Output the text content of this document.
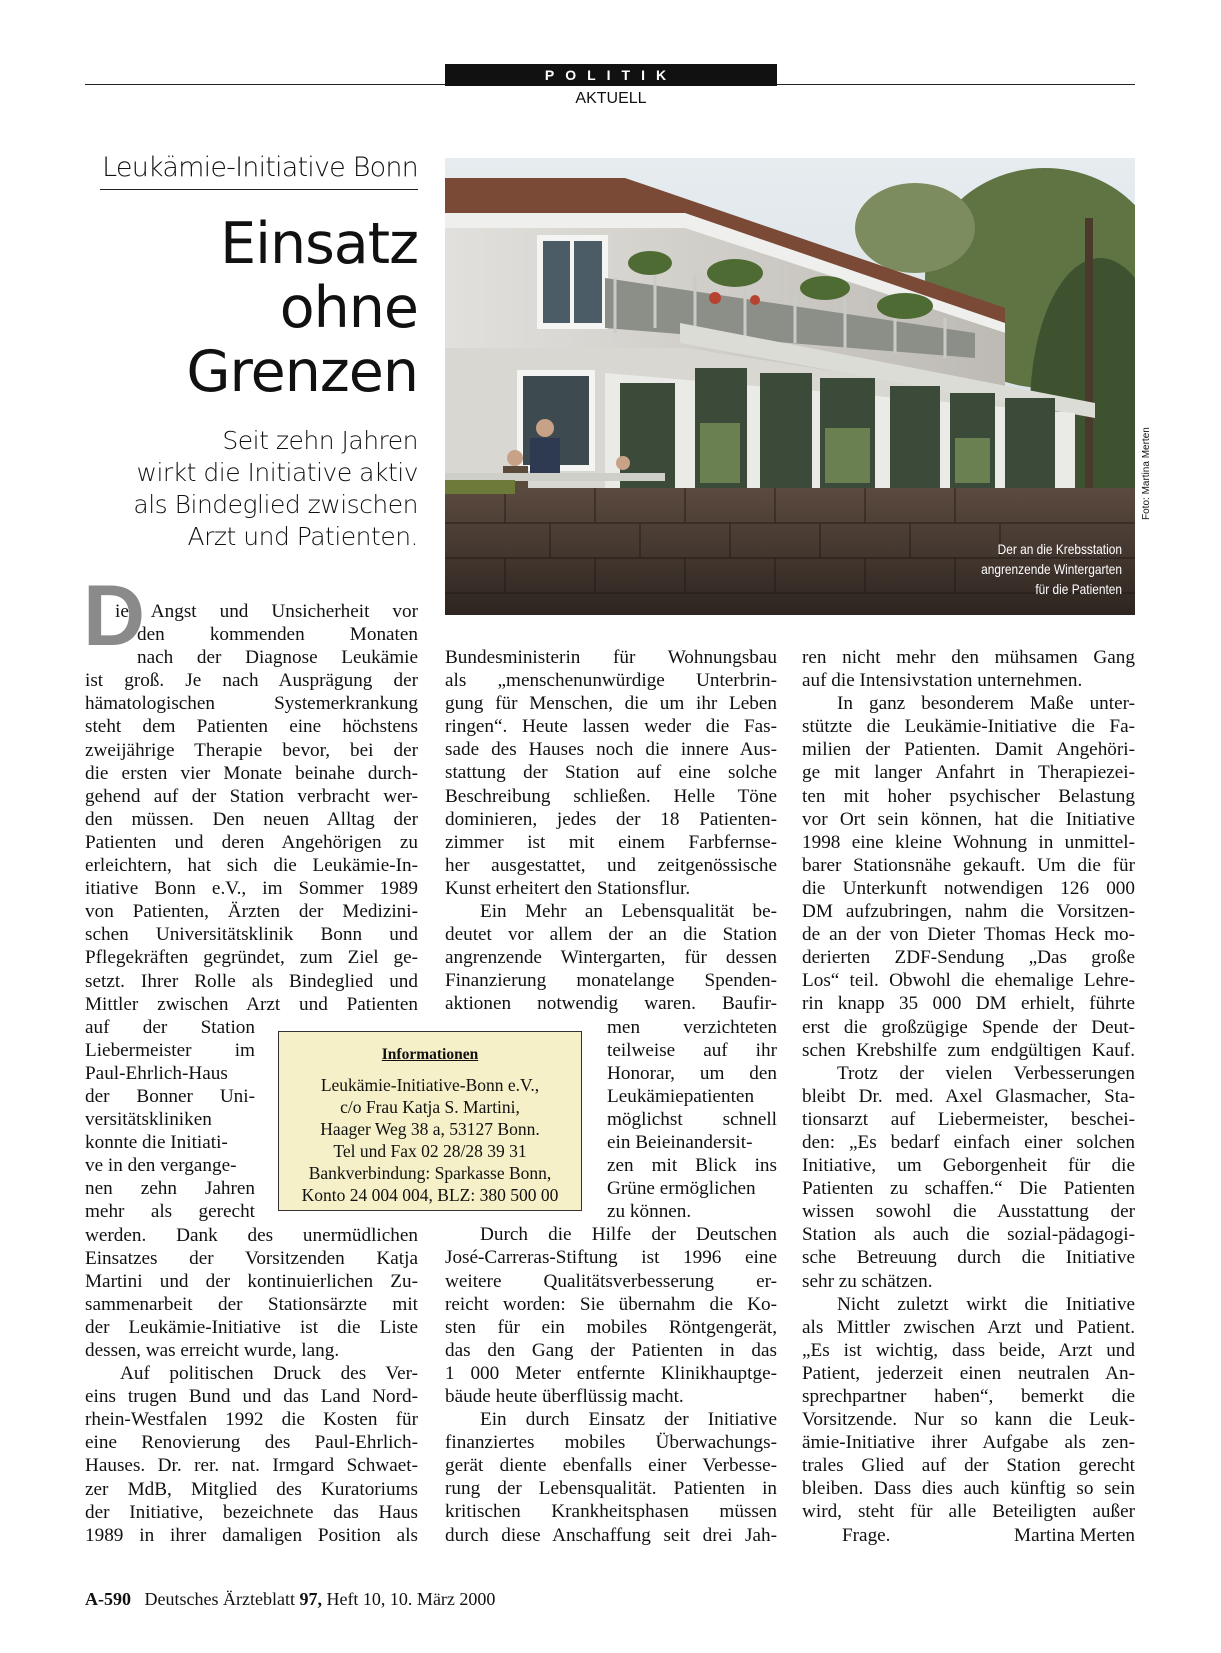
POLITIK
AKTUELL
Leukämie-Initiative Bonn
Einsatz
ohne
Grenzen
Seit zehn Jahren
wirkt die Initiative aktiv
als Bindeglied zwischen
Arzt und Patienten.	Der an die Krebsstation
angrenzende Wintergarten
für die Patienten
Foto: Martina Merten
D
ie Angst und Unsicherheit vor
den kommenden Monaten
nach der Diagnose Leukämie
ist groß. Je nach Ausprägung der
hämatologischen Systemerkrankung
steht dem Patienten eine höchstens
zweijährige Therapie bevor, bei der
die ersten vier Monate beinahe durch-
gehend auf der Station verbracht wer-
den müssen. Den neuen Alltag der
Patienten und deren Angehörigen zu
erleichtern, hat sich die Leukämie-In-
itiative Bonn e.V., im Sommer 1989
von Patienten, Ärzten der Medizini-
schen Universitätsklinik Bonn und
Pflegekräften gegründet, zum Ziel ge-
setzt. Ihrer Rolle als Bindeglied und
Mittler zwischen Arzt und Patienten
auf der Station
Liebermeister im
Paul-Ehrlich-Haus
der Bonner Uni-
versitätskliniken
konnte die Initiati-
ve in den vergange-
nen zehn Jahren
mehr als gerecht
werden. Dank des unermüdlichen
Einsatzes der Vorsitzenden Katja
Martini und der kontinuierlichen Zu-
sammenarbeit der Stationsärzte mit
der Leukämie-Initiative ist die Liste
dessen, was erreicht wurde, lang.
Auf politischen Druck des Ver-
eins trugen Bund und das Land Nord-
rhein-Westfalen 1992 die Kosten für
eine Renovierung des Paul-Ehrlich-
Hauses. Dr. rer. nat. Irmgard Schwaet-
zer MdB, Mitglied des Kuratoriums
der Initiative, bezeichnete das Haus
1989 in ihrer damaligen Position als
Bundesministerin für Wohnungsbau
als „menschenunwürdige Unterbrin-
gung für Menschen, die um ihr Leben
ringen“. Heute lassen weder die Fas-
sade des Hauses noch die innere Aus-
stattung der Station auf eine solche
Beschreibung schließen. Helle Töne
dominieren, jedes der 18 Patienten-
zimmer ist mit einem Farbfernse-
her ausgestattet, und zeitgenössische
Kunst erheitert den Stationsflur.
Ein Mehr an Lebensqualität be-
deutet vor allem der an die Station
angrenzende Wintergarten, für dessen
Finanzierung monatelange Spenden-
aktionen notwendig waren. Baufir-
men verzichteten
teilweise auf ihr
Honorar, um den
Leukämiepatienten
möglichst schnell
ein Beieinandersit-
zen mit Blick ins
Grüne ermöglichen
zu können.
Durch die Hilfe der Deutschen
José-Carreras-Stiftung ist 1996 eine
weitere Qualitätsverbesserung er-
reicht worden: Sie übernahm die Ko-
sten für ein mobiles Röntgengerät,
das den Gang der Patienten in das
1 000 Meter entfernte Klinikhauptge-
bäude heute überflüssig macht.
Ein durch Einsatz der Initiative
finanziertes mobiles Überwachungs-
gerät diente ebenfalls einer Verbesse-
rung der Lebensqualität. Patienten in
kritischen Krankheitsphasen müssen
durch diese Anschaffung seit drei Jah-
ren nicht mehr den mühsamen Gang
auf die Intensivstation unternehmen.
In ganz besonderem Maße unter-
stützte die Leukämie-Initiative die Fa-
milien der Patienten. Damit Angehöri-
ge mit langer Anfahrt in Therapiezei-
ten mit hoher psychischer Belastung
vor Ort sein können, hat die Initiative
1998 eine kleine Wohnung in unmittel-
barer Stationsnähe gekauft. Um die für
die Unterkunft notwendigen 126 000
DM aufzubringen, nahm die Vorsitzen-
de an der von Dieter Thomas Heck mo-
derierten ZDF-Sendung „Das große
Los“ teil. Obwohl die ehemalige Lehre-
rin knapp 35 000 DM erhielt, führte
erst die großzügige Spende der Deut-
schen Krebshilfe zum endgültigen Kauf.
Trotz der vielen Verbesserungen
bleibt Dr. med. Axel Glasmacher, Sta-
tionsarzt auf Liebermeister, beschei-
den: „Es bedarf einfach einer solchen
Initiative, um Geborgenheit für die
Patienten zu schaffen.“ Die Patienten
wissen sowohl die Ausstattung der
Station als auch die sozial-pädagogi-
sche Betreuung durch die Initiative
sehr zu schätzen.
Nicht zuletzt wirkt die Initiative
als Mittler zwischen Arzt und Patient.
„Es ist wichtig, dass beide, Arzt und
Patient, jederzeit einen neutralen An-
sprechpartner haben“, bemerkt die
Vorsitzende. Nur so kann die Leuk-
ämie-Initiative ihrer Aufgabe als zen-
trales Glied auf der Station gerecht
bleiben. Dass dies auch künftig so sein
wird, steht für alle Beteiligten außer
Frage.	Martina Merten
Informationen
Leukämie-Initiative-Bonn e.V.,
c/o Frau Katja S. Martini,
Haager Weg 38 a, 53127 Bonn.
Tel und Fax 02 28/28 39 31
Bankverbindung: Sparkasse Bonn,
Konto 24 004 004, BLZ: 380 500 00
A-590 Deutsches Ärzteblatt 97, Heft 10, 10. März 2000
